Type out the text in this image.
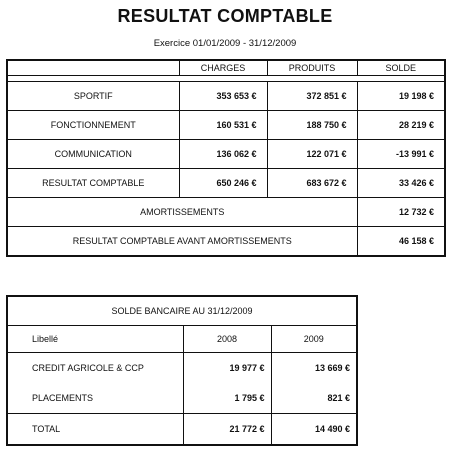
RESULTAT COMPTABLE
Exercice 01/01/2009 - 31/12/2009
	CHARGES	PRODUITS	SOLDE

SPORTIF	353 653 €	372 851 €	19 198 €
FONCTIONNEMENT	160 531 €	188 750 €	28 219 €
COMMUNICATION	136 062 €	122 071 €	-13 991 €
RESULTAT COMPTABLE	650 246 €	683 672 €	33 426 €
AMORTISSEMENTS			12 732 €
RESULTAT COMPTABLE AVANT AMORTISSEMENTS			46 158 €
SOLDE BANCAIRE AU 31/12/2009		
Libellé	2008	2009
CREDIT AGRICOLE & CCP	19 977 €	13 669 €
PLACEMENTS	1 795 €	821 €
TOTAL	21 772 €	14 490 €
